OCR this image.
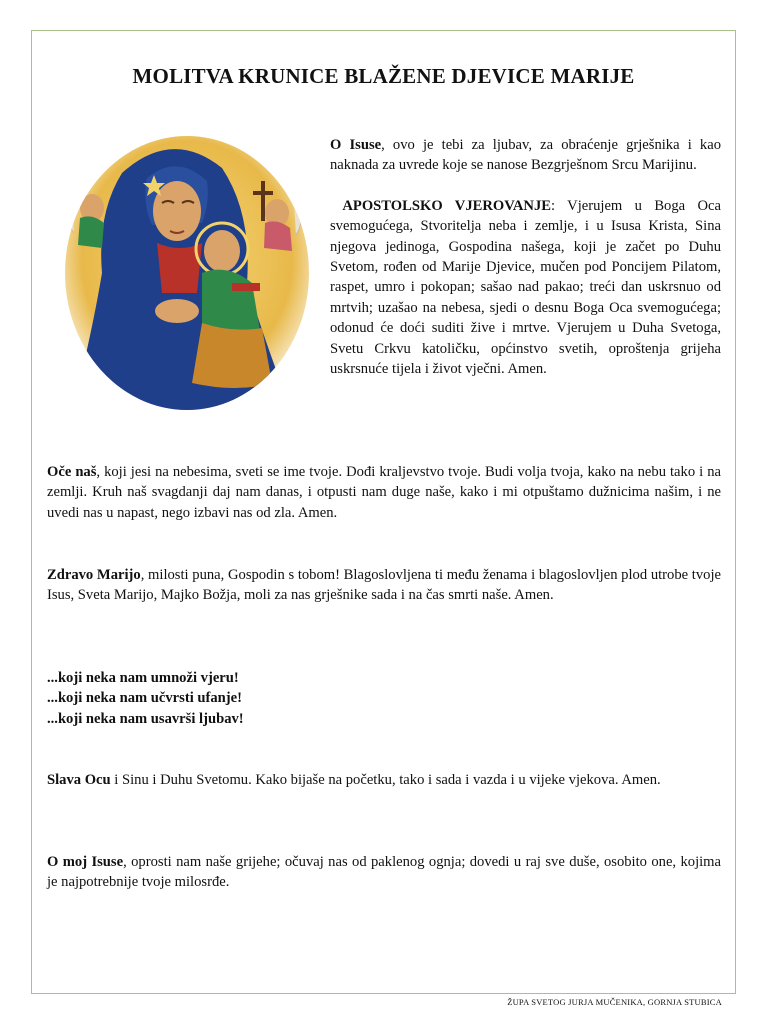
MOLITVA KRUNICE BLAŽENE DJEVICE MARIJE

O Isuse, ovo je tebi za ljubav, za obraćenje grješnika i kao naknada za uvrede koje se nanose Bezgrješnom Srcu Marijinu.

APOSTOLSKO VJEROVANJE: Vjerujem u Boga Oca svemogućega, Stvoritelja neba i zemlje, i u Isusa Krista, Sina njegova jedinoga, Gospodina našega, koji je začet po Duhu Svetom, rođen od Marije Djevice, mučen pod Poncijem Pilatom, raspet, umro i pokopan; sašao nad pakao; treći dan uskrsnuo od mrtvih; uzašao na nebesa, sjedi o desnu Boga Oca svemogućega; odonud će doći suditi žive i mrtve. Vjerujem u Duha Svetoga, Svetu Crkvu katoličku, općinstvo svetih, oproštenja grijeha uskrsnuće tijela i život vječni. Amen.

Oče naš, koji jesi na nebesima, sveti se ime tvoje. Dođi kraljevstvo tvoje. Budi volja tvoja, kako na nebu tako i na zemlji. Kruh naš svagdanji daj nam danas, i otpusti nam duge naše, kako i mi otpuštamo dužnicima našim, i ne uvedi nas u napast, nego izbavi nas od zla. Amen.

Zdravo Marijo, milosti puna, Gospodin s tobom! Blagoslovljena ti među ženama i blagoslovljen plod utrobe tvoje Isus, Sveta Marijo, Majko Božja, moli za nas grješnike sada i na čas smrti naše. Amen.

...koji neka nam umnoži vjeru!
...koji neka nam učvrsti ufanje!
...koji neka nam usavrši ljubav!

Slava Ocu i Sinu i Duhu Svetomu. Kako bijaše na početku, tako i sada i vazda i u vijeke vjekova. Amen.

O moj Isuse, oprosti nam naše grijehe; očuvaj nas od paklenog ognja; dovedi u raj sve duše, osobito one, kojima je najpotrebnije tvoje milosrđe.

ŽUPA SVETOG JURJA MUČENIKA, GORNJA STUBICA
